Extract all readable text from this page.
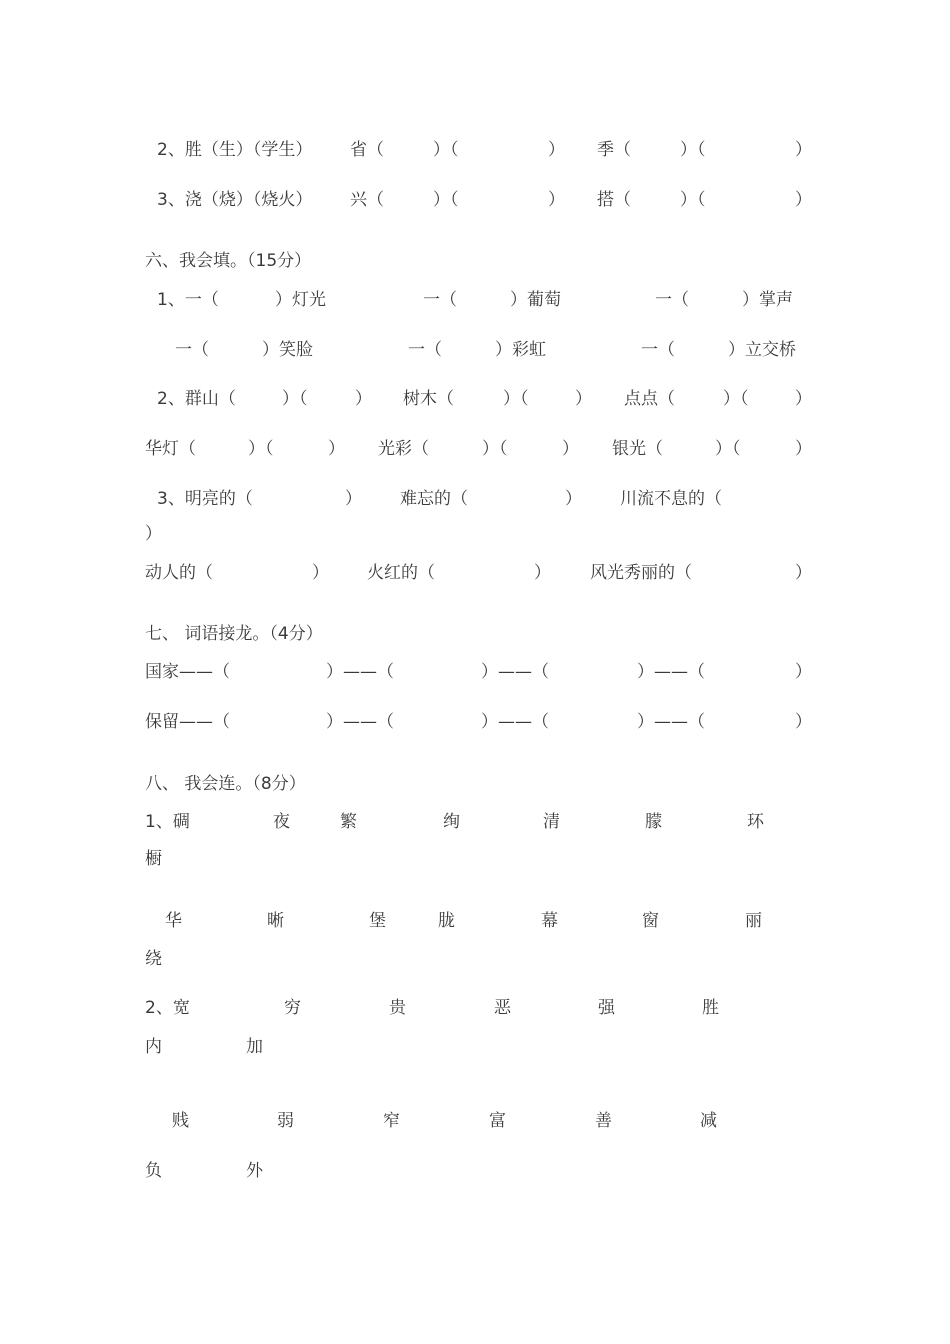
2、胜（生）（学生） 省（	）（	） 季（	）（	）
3、浇（烧）（烧火） 兴（	）（	） 搭（	）（	）
六、我会填。（15分）
1、一（	）灯光	一（	）葡萄	一（	）掌声
一（	）笑脸	一（	）彩虹	一（	）立交桥
2、群山（	）（	） 树木（	）（	） 点点（	）（	）
华灯（	）（	） 光彩（	）（	） 银光（	）（	）
3、明亮的（	） 难忘的（	） 川流不息的（
）
动人的（	） 火红的（	） 风光秀丽的（	）
七、 词语接龙。（4分）
国家——（	）——（	）——（	）——（	）
保留——（	）——（	）——（	）——（	）
八、 我会连。（8分）
1、碉	夜	繁	绚	清	朦	环
橱
华	晰	堡	胧	幕	窗	丽
绕
2、宽	穷	贵	恶	强	胜
内	加
贱	弱	窄	富	善	减
负	外
